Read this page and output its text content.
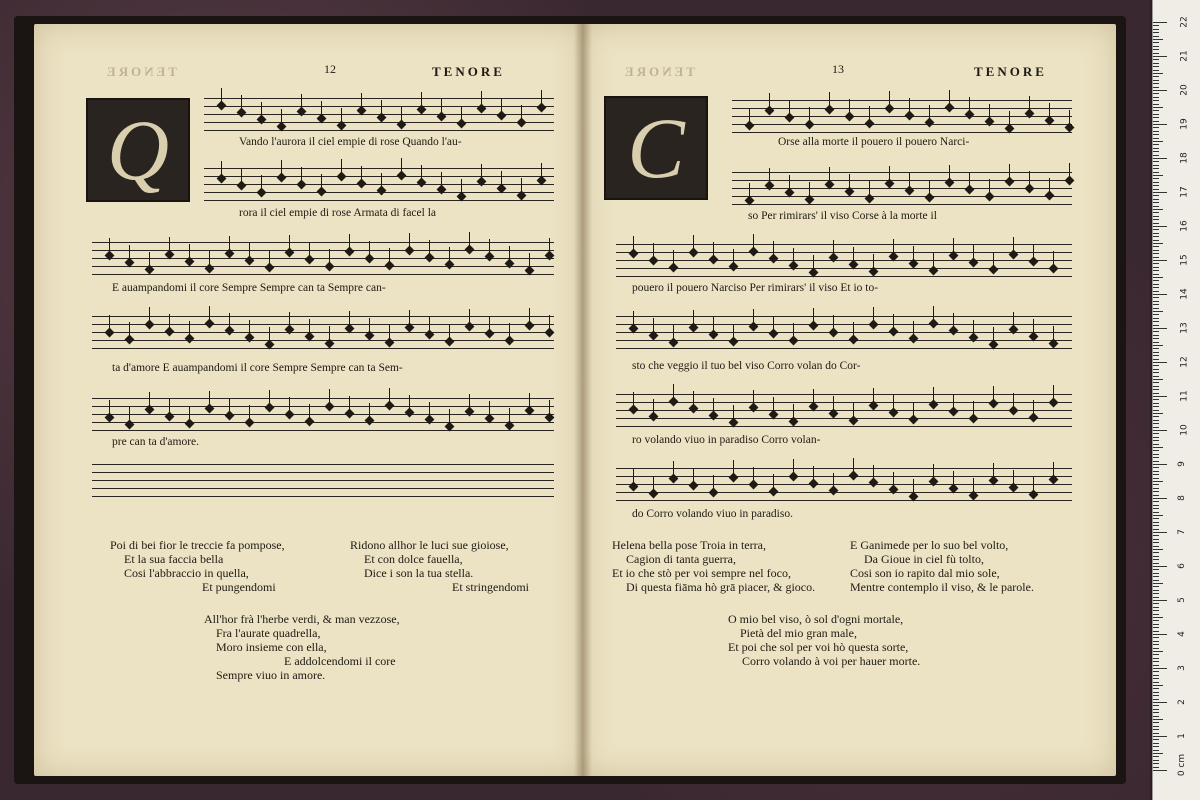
TENORE	12	TENORE
Q	Vando l'aurora il ciel empie di rose Quando l'au-
rora il ciel empie di rose Armata di facel la
E auampandomi il core Sempre Sempre can ta Sempre can-
ta d'amore E auampandomi il core Sempre Sempre can ta Sem-
pre can ta d'amore.
Poi di bei fior le treccie fa pompose,
Et la sua faccia bella
Cosi l'abbraccio in quella,
Et pungendomi
Ridono allhor le luci sue gioiose,
Et con dolce fauella,
Dice i son la tua stella.
Et stringendomi
All'hor frà l'herbe verdi, & man vezzose,
Fra l'aurate quadrella,
Moro insieme con ella,
E addolcendomi il core
Sempre viuo in amore.
TENORE	13	TENORE
C	Orse alla morte il pouero il pouero Narci-
so Per rimirars' il viso Corse à la morte il
pouero il pouero Narciso Per rimirars' il viso Et io to-
sto che veggio il tuo bel viso Corro volan do Cor-
ro volando viuo in paradiso Corro volan-
do Corro volando viuo in paradiso.
Helena bella pose Troia in terra,
Cagion di tanta guerra,
Et io che stò per voi sempre nel foco,
Di questa fiāma hò grā piacer, & gioco.
E Ganimede per lo suo bel volto,
Da Gioue in ciel fù tolto,
Cosi son io rapito dal mio sole,
Mentre contemplo il viso, & le parole.
O mio bel viso, ò sol d'ogni mortale,
Pietà del mio gran male,
Et poi che sol per voi hò questa sorte,
Corro volando à voi per hauer morte.
0 cm
1
2
3
4
5
6
7
8
9
10
11
12
13
14
15
16
17
18
19
20
21
22
